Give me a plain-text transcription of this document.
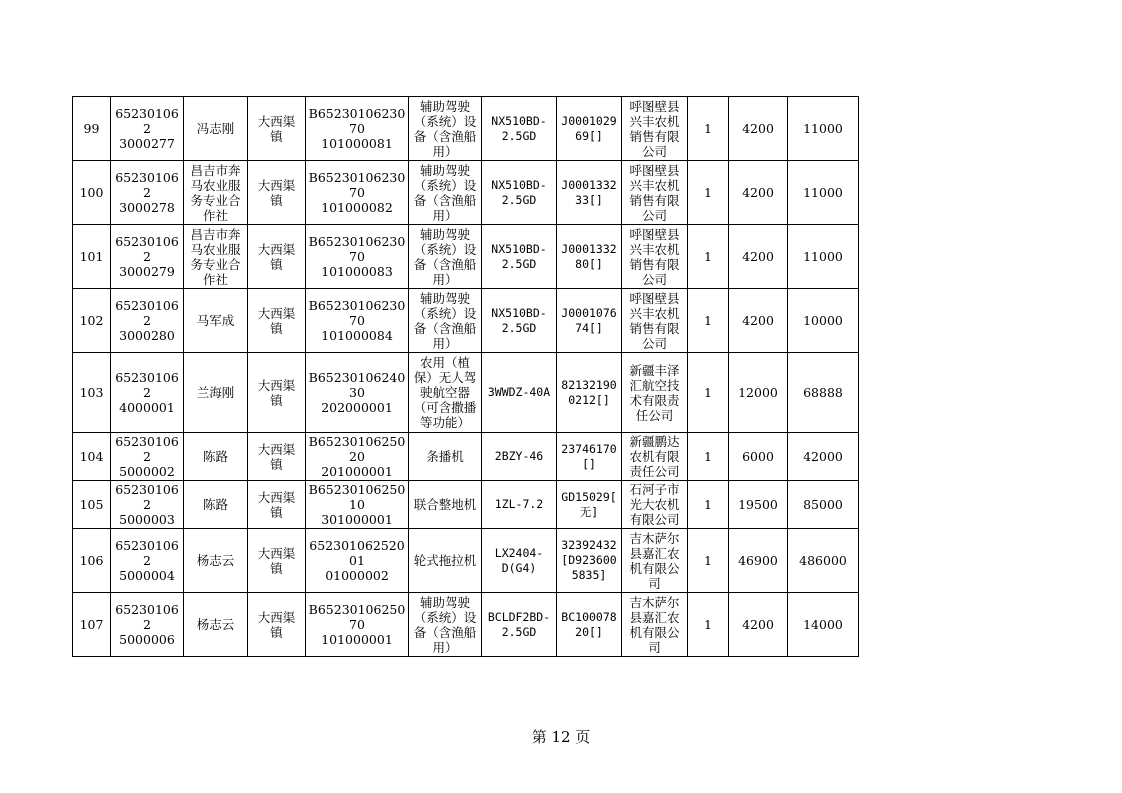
99	652301062
3000277	冯志刚	大西渠
镇	B6523010623070
101000081	辅助驾驶
（系统）设
备（含渔船
用）	NX510BD-
2.5GD	J0001029
69[]	呼图壁县
兴丰农机
销售有限
公司	1	4200	11000
100	652301062
3000278	昌吉市奔
马农业服
务专业合
作社	大西渠
镇	B6523010623070
101000082	辅助驾驶
（系统）设
备（含渔船
用）	NX510BD-
2.5GD	J0001332
33[]	呼图壁县
兴丰农机
销售有限
公司	1	4200	11000
101	652301062
3000279	昌吉市奔
马农业服
务专业合
作社	大西渠
镇	B6523010623070
101000083	辅助驾驶
（系统）设
备（含渔船
用）	NX510BD-
2.5GD	J0001332
80[]	呼图壁县
兴丰农机
销售有限
公司	1	4200	11000
102	652301062
3000280	马军成	大西渠
镇	B6523010623070
101000084	辅助驾驶
（系统）设
备（含渔船
用）	NX510BD-
2.5GD	J0001076
74[]	呼图壁县
兴丰农机
销售有限
公司	1	4200	10000
103	652301062
4000001	兰海刚	大西渠
镇	B6523010624030
202000001	农用（植
保）无人驾
驶航空器
（可含撒播
等功能）	3WWDZ-40A	82132190
0212[]	新疆丰泽
汇航空技
术有限责
任公司	1	12000	68888
104	652301062
5000002	陈路	大西渠
镇	B6523010625020
201000001	条播机	2BZY-46	23746170
[]	新疆鹏达
农机有限
责任公司	1	6000	42000
105	652301062
5000003	陈路	大西渠
镇	B6523010625010
301000001	联合整地机	1ZL-7.2	GD15029[
无]	石河子市
光大农机
有限公司	1	19500	85000
106	652301062
5000004	杨志云	大西渠
镇	65230106252001
01000002	轮式拖拉机	LX2404-
D(G4)	32392432
[D923600
5835]	吉木萨尔
县嘉汇农
机有限公
司	1	46900	486000
107	652301062
5000006	杨志云	大西渠
镇	B6523010625070
101000001	辅助驾驶
（系统）设
备（含渔船
用）	BCLDF2BD-
2.5GD	BC100078
20[]	吉木萨尔
县嘉汇农
机有限公
司	1	4200	14000
第 12 页
